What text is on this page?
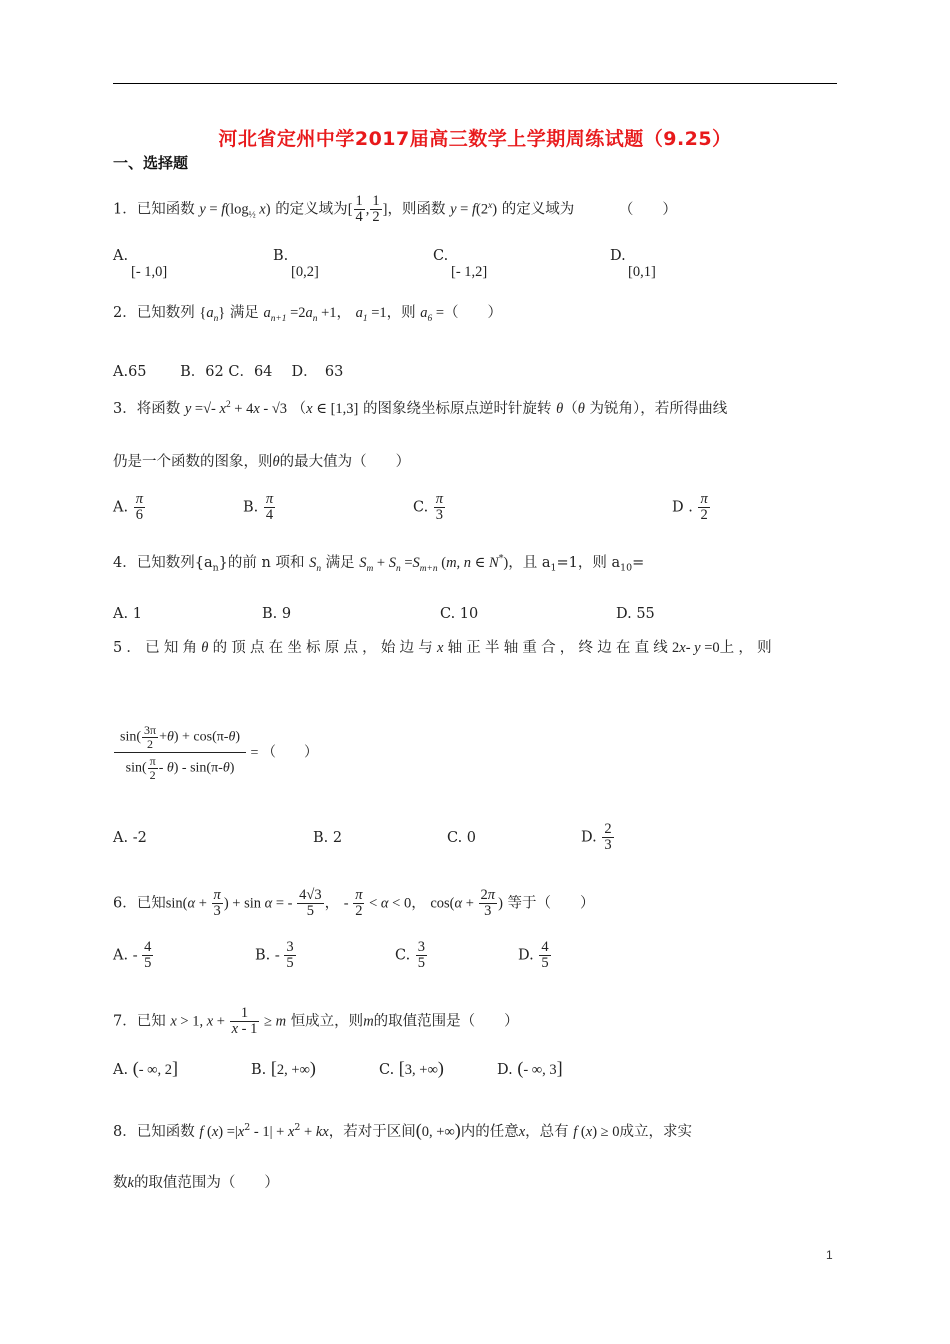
河北省定州中学2017届高三数学上学期周练试题（9.25）
一、选择题
1．已知函数 $y = f(\log_{\frac{1}{2}}$ x) 的定义域为[ $\frac{1}{4}$ , $\frac{1}{2}$ ]，则函数 $y = f(2^x)$ 的定义域为	（　　）
A.
[- 1,0]
B.
[0,2]
C.
[- 1,2]
D.
[0,1]
2．已知数列 $\{a_n\}$ 满足 $a_{n+1} =2a_n +1$， $a_1 =1$，则 $a_6$ =（　　）
A.65　　 B．62 C．64　 D．　63
3．将函数 y =√- $x^2 + 4x - √3$ （x ∈ [1,3] 的图象绕坐标原点逆时针旋转 θ（θ 为锐角），若所得曲线
仍是一个函数的图象，则θ的最大值为（　　）
A. $\frac{\pi}{6}$	B. $\frac{\pi}{4}$	C. $\frac{\pi}{3}$	D . $\frac{\pi}{2}$
4．已知数列$\{a_n\}$的前 n 项和 $S_n$ 满足 $S_m + S_n =S_{m+n}$ (m, n ∈ N*)，且 $a_1=1$，则 $a_{10}=$
A. 1	B. 9	C. 10	D. 55
5．已知角θ的顶点在坐标原点，始边与x轴正半轴重合，终边在直线2x- y =0上，则
$\frac{\sin( \frac{3\pi}{2} +\theta) + \cos(\pi-\theta)}{\sin( \frac{\pi}{2} - \theta) - \sin(\pi-\theta)}$ = （　　）
A. -2	B. 2	C. 0	D. $\frac{2}{3}$
6．已知$\sin(\alpha + \frac{\pi}{3}$ ) + sin α = - $\frac{4√3}{5}$ ， - $\frac{\pi}{2} < \alpha < 0$， $\cos(\alpha + \frac{2\pi}{3}$ ) 等于（　　）
A. - $\frac{4}{5}$	B. - $\frac{3}{5}$	C. $\frac{3}{5}$	D. $\frac{4}{5}$
7．已知 x > 1, $x + \frac{1}{x - 1} \ge m$ 恒成立，则m的取值范围是（　　）
A. (- ∞, 2]	B. [2, +∞)	C. [3, +∞)	D. (- ∞, 3]
8．已知函数 f $(x) =|x^2 - 1| + x^2$ + kx，若对于区间(0, +∞)内的任意x，总有 f (x) ≥ 0成立，求实
数k的取值范围为（　　）
1
